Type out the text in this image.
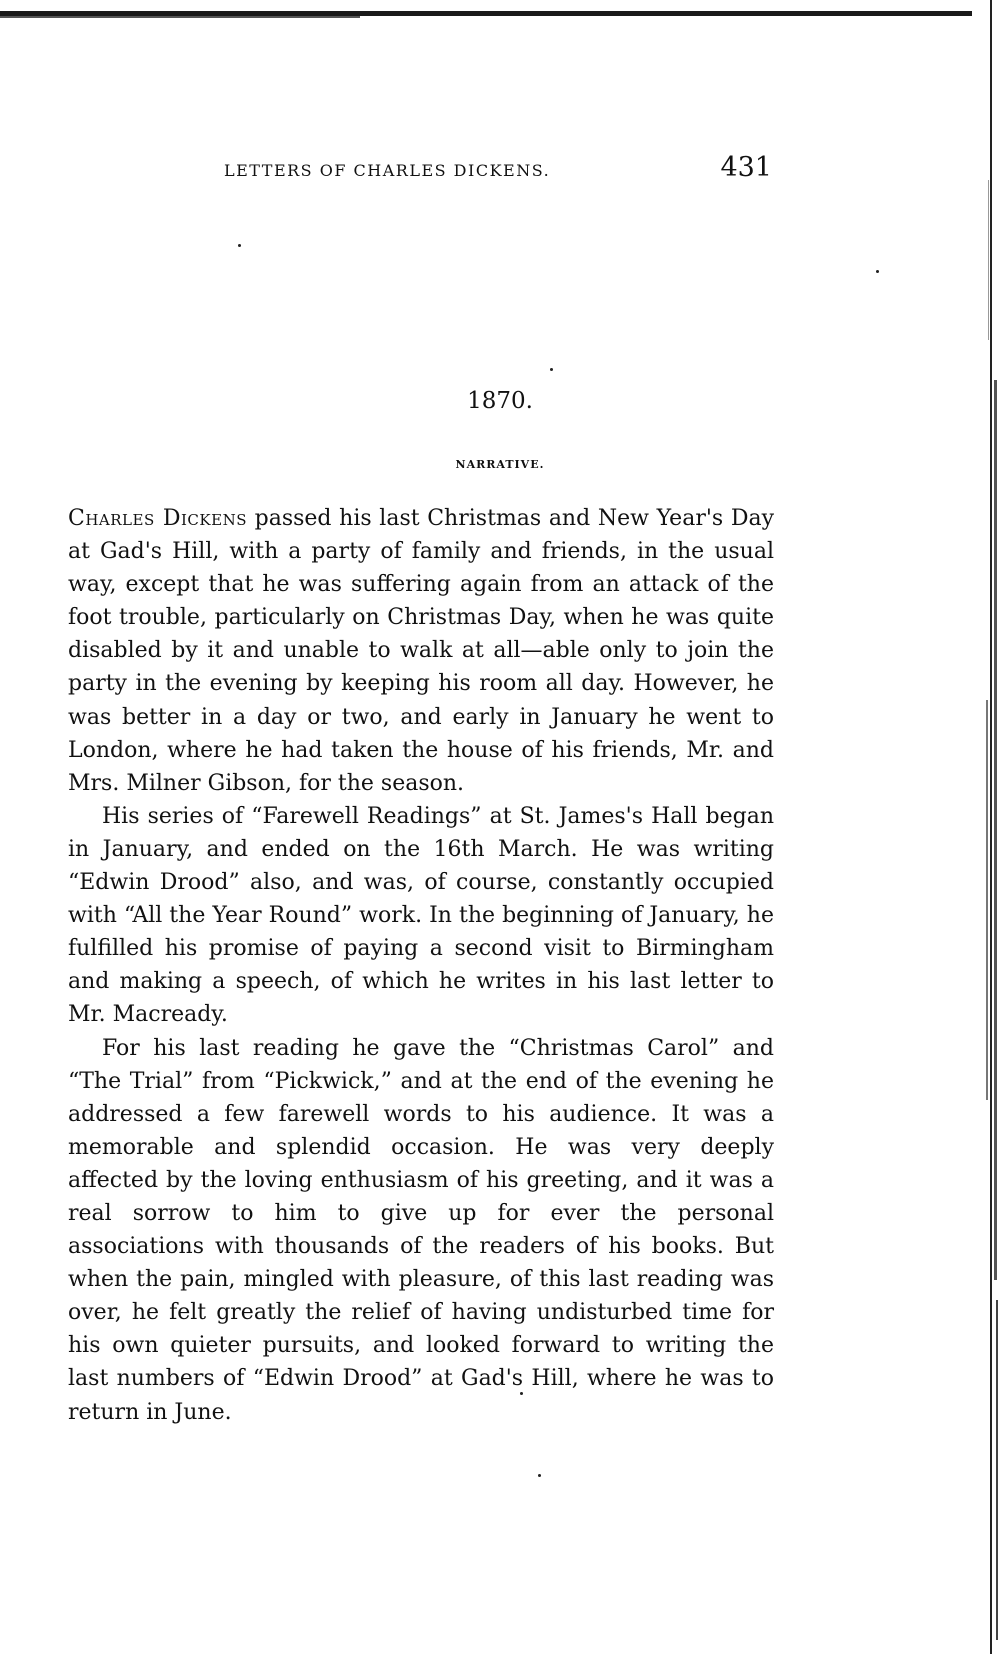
LETTERS OF CHARLES DICKENS.	431
1870.
NARRATIVE.

Charles Dickens passed his last Christmas and New Year's Day at Gad's Hill, with a party of family and friends, in the usual way, except that he was suffering again from an attack of the foot trouble, particularly on Christmas Day, when he was quite disabled by it and unable to walk at all—able only to join the party in the evening by keeping his room all day. However, he was better in a day or two, and early in January he went to London, where he had taken the house of his friends, Mr. and Mrs. Milner Gibson, for the season.

His series of “Farewell Readings” at St. James's Hall began in January, and ended on the 16th March. He was writing “Edwin Drood” also, and was, of course, constantly occupied with “All the Year Round” work. In the beginning of January, he fulfilled his promise of paying a second visit to Birmingham and making a speech, of which he writes in his last letter to Mr. Macready.

For his last reading he gave the “Christmas Carol” and “The Trial” from “Pickwick,” and at the end of the evening he addressed a few farewell words to his audience. It was a memorable and splendid occasion. He was very deeply affected by the loving enthusiasm of his greeting, and it was a real sorrow to him to give up for ever the personal associations with thousands of the readers of his books. But when the pain, mingled with pleasure, of this last reading was over, he felt greatly the relief of having undisturbed time for his own quieter pursuits, and looked forward to writing the last numbers of “Edwin Drood” at Gad's Hill, where he was to return in June.
